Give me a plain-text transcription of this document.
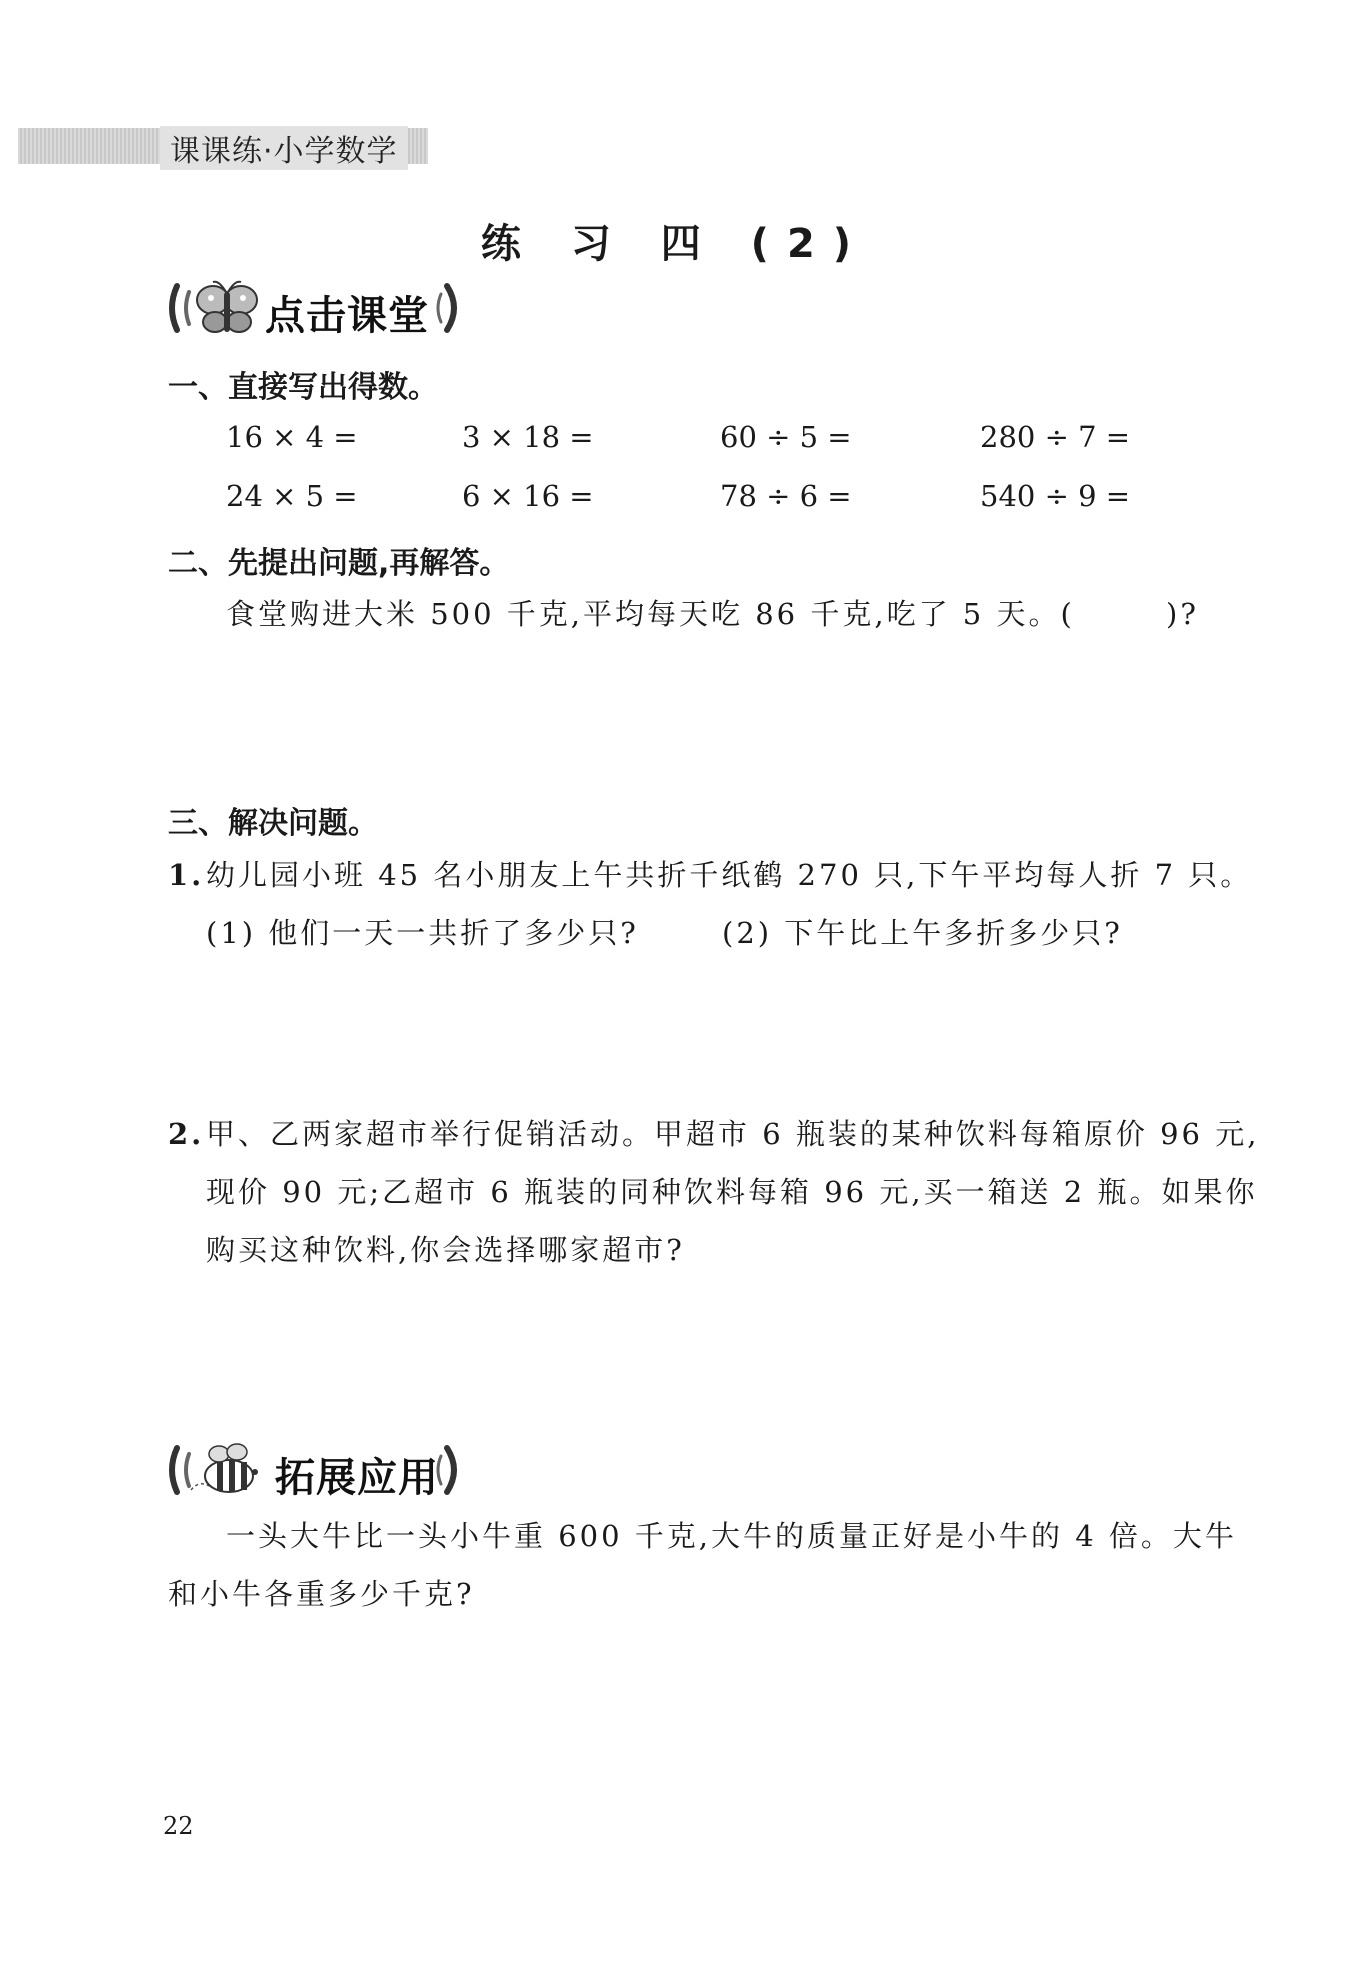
课课练·小学数学
练 习 四 (2)
点击课堂
一、直接写出得数。
16 × 4 =	3 × 18 =	60 ÷ 5 =	280 ÷ 7 =
24 × 5 =	6 × 16 =	78 ÷ 6 =	540 ÷ 9 =
二、先提出问题,再解答。
食堂购进大米 500 千克,平均每天吃 86 千克,吃了 5 天。(	)?
三、解决问题。
1. 幼儿园小班 45 名小朋友上午共折千纸鹤 270 只,下午平均每人折 7 只。
(1) 他们一天一共折了多少只?	(2) 下午比上午多折多少只?
2. 甲、乙两家超市举行促销活动。甲超市 6 瓶装的某种饮料每箱原价 96 元,
现价 90 元;乙超市 6 瓶装的同种饮料每箱 96 元,买一箱送 2 瓶。如果你
购买这种饮料,你会选择哪家超市?
拓展应用
一头大牛比一头小牛重 600 千克,大牛的质量正好是小牛的 4 倍。大牛
和小牛各重多少千克?
22
